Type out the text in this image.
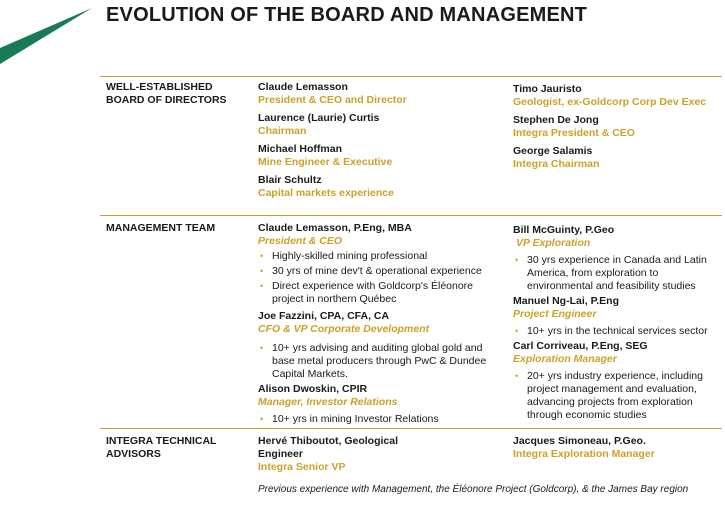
EVOLUTION OF THE BOARD AND MANAGEMENT
WELL-ESTABLISHED BOARD OF DIRECTORS
Claude Lemasson
President & CEO and Director
Laurence (Laurie) Curtis
Chairman
Michael Hoffman
Mine Engineer & Executive
Blair Schultz
Capital markets experience
Timo Jauristo
Geologist, ex-Goldcorp Corp Dev Exec
Stephen De Jong
Integra President & CEO
George Salamis
Integra Chairman
MANAGEMENT TEAM	Claude Lemasson, P.Eng, MBA
President & CEO
• Highly-skilled mining professional
• 30 yrs of mine dev't & operational experience
• Direct experience with Goldcorp's Éléonore project in northern Québec
Joe Fazzini, CPA, CFA, CA
CFO & VP Corporate Development
• 10+ yrs advising and auditing global gold and base metal producers through PwC & Dundee Capital Markets.
Alison Dwoskin, CPIR
Manager, Investor Relations
• 10+ yrs in mining Investor Relations
Bill McGuinty, P.Geo
VP Exploration
• 30 yrs experience in Canada and Latin America, from exploration to environmental and feasibility studies
Manuel Ng-Lai, P.Eng
Project Engineer
• 10+ yrs in the technical services sector
Carl Corriveau, P.Eng, SEG
Exploration Manager
• 20+ yrs industry experience, including project management and evaluation, advancing projects from exploration through economic studies
INTEGRA TECHNICAL ADVISORS
Hervé Thiboutot, Geological Engineer
Integra Senior VP
Jacques Simoneau, P.Geo.
Integra Exploration Manager
Previous experience with Management, the Éléonore Project (Goldcorp), & the James Bay region
